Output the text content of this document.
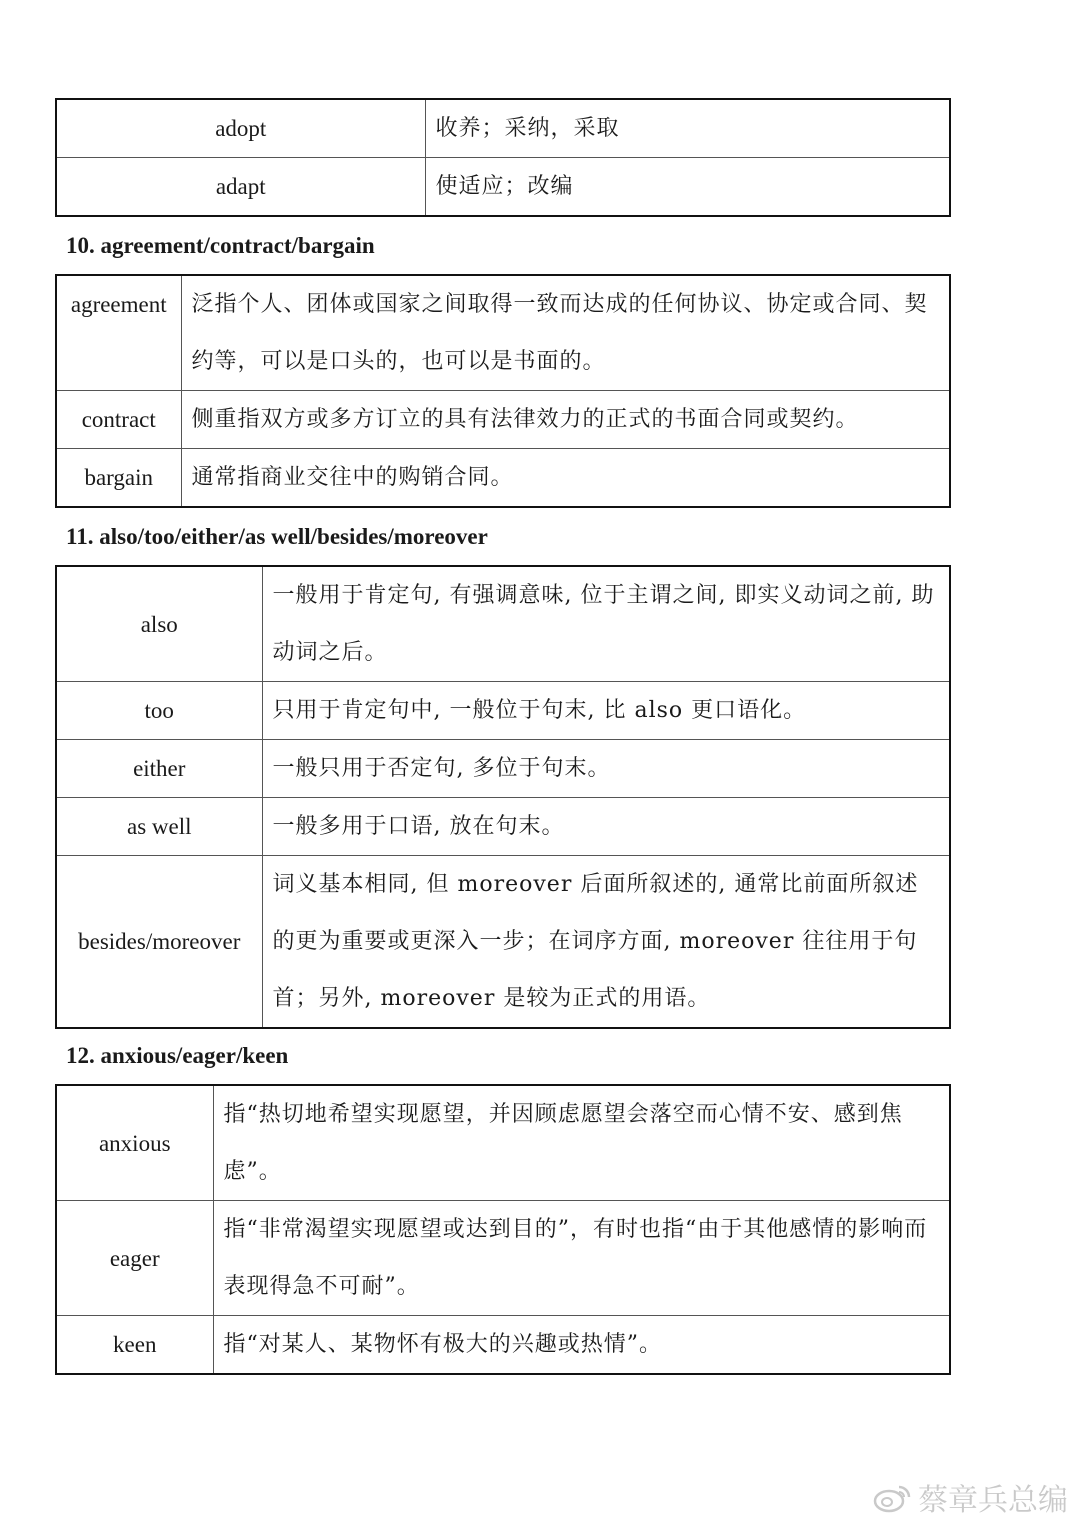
adopt	收养；采纳，采取
adapt	使适应；改编
10. agreement/contract/bargain
agreement	泛指个人、团体或国家之间取得一致而达成的任何协议、协定或合同、契约等，可以是口头的，也可以是书面的。
contract	侧重指双方或多方订立的具有法律效力的正式的书面合同或契约。
bargain	通常指商业交往中的购销合同。
11. also/too/either/as well/besides/moreover
also	一般用于肯定句, 有强调意味, 位于主谓之间, 即实义动词之前, 助动词之后。
too	只用于肯定句中, 一般位于句末, 比 also 更口语化。
either	一般只用于否定句, 多位于句末。
as well	一般多用于口语, 放在句末。
besides/moreover	词义基本相同, 但 moreover 后面所叙述的, 通常比前面所叙述的更为重要或更深入一步；在词序方面, moreover 往往用于句首；另外, moreover 是较为正式的用语。
12. anxious/eager/keen
anxious	指“热切地希望实现愿望，并因顾虑愿望会落空而心情不安、感到焦虑”。
eager	指“非常渴望实现愿望或达到目的”，有时也指“由于其他感情的影响而表现得急不可耐”。
keen	指“对某人、某物怀有极大的兴趣或热情”。
蔡章兵总编
